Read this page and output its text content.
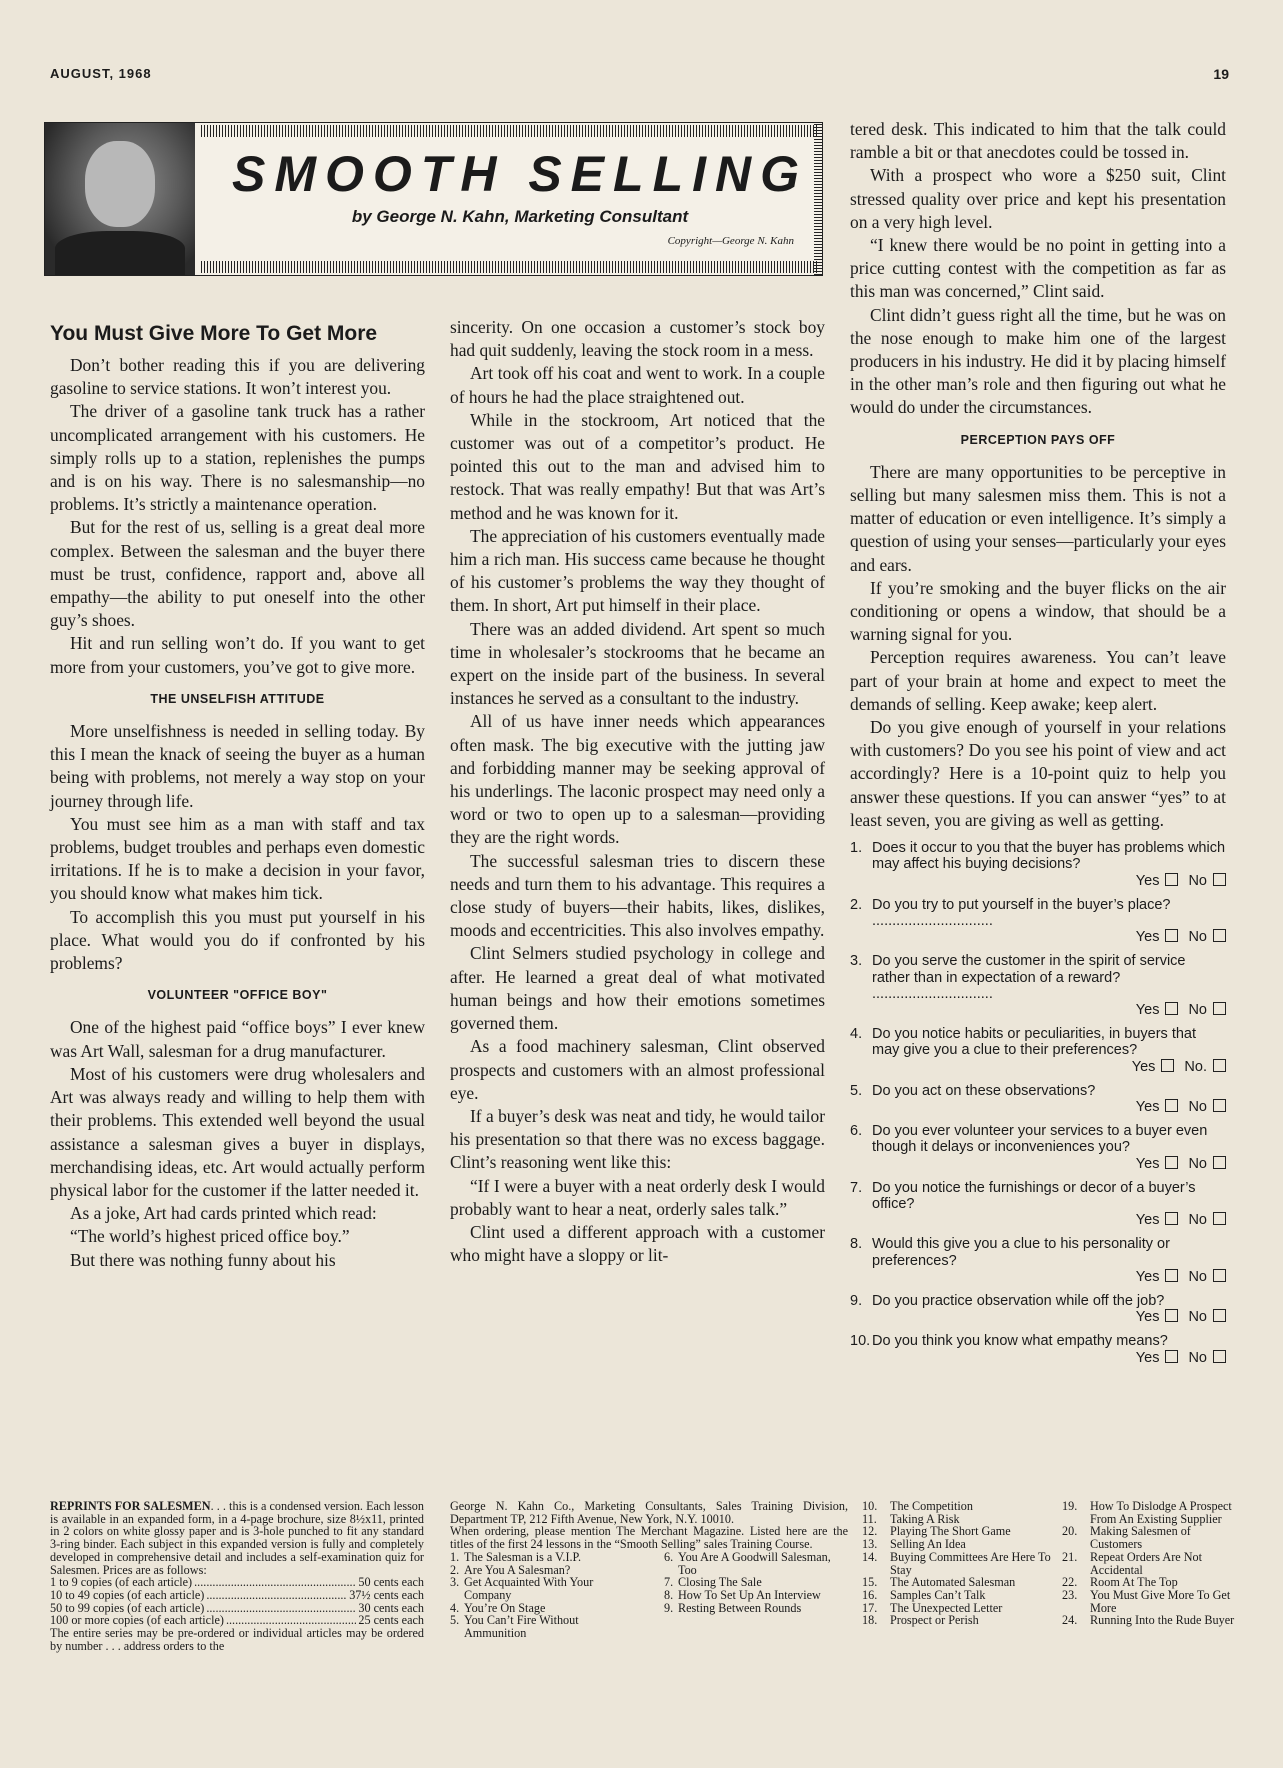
AUGUST, 1968	19
SMOOTH SELLING
by George N. Kahn, Marketing Consultant
Copyright—George N. Kahn
You Must Give More To Get More

Don’t bother reading this if you are delivering gasoline to service stations. It won’t interest you.

The driver of a gasoline tank truck has a rather uncomplicated arrangement with his customers. He simply rolls up to a station, replenishes the pumps and is on his way. There is no salesmanship—no problems. It’s strictly a maintenance operation.

But for the rest of us, selling is a great deal more complex. Between the salesman and the buyer there must be trust, confidence, rapport and, above all empathy—the ability to put oneself into the other guy’s shoes.

Hit and run selling won’t do. If you want to get more from your customers, you’ve got to give more.

THE UNSELFISH ATTITUDE

More unselfishness is needed in selling today. By this I mean the knack of seeing the buyer as a human being with problems, not merely a way stop on your journey through life.

You must see him as a man with staff and tax problems, budget troubles and perhaps even domestic irritations. If he is to make a decision in your favor, you should know what makes him tick.

To accomplish this you must put yourself in his place. What would you do if confronted by his problems?

VOLUNTEER "OFFICE BOY"

One of the highest paid “office boys” I ever knew was Art Wall, salesman for a drug manufacturer.

Most of his customers were drug wholesalers and Art was always ready and willing to help them with their problems. This extended well beyond the usual assistance a salesman gives a buyer in displays, merchandising ideas, etc. Art would actually perform physical labor for the customer if the latter needed it.

As a joke, Art had cards printed which read:

“The world’s highest priced office boy.”

But there was nothing funny about his

sincerity. On one occasion a customer’s stock boy had quit suddenly, leaving the stock room in a mess.

Art took off his coat and went to work. In a couple of hours he had the place straightened out.

While in the stockroom, Art noticed that the customer was out of a competitor’s product. He pointed this out to the man and advised him to restock. That was really empathy! But that was Art’s method and he was known for it.

The appreciation of his customers eventually made him a rich man. His success came because he thought of his customer’s problems the way they thought of them. In short, Art put himself in their place.

There was an added dividend. Art spent so much time in wholesaler’s stockrooms that he became an expert on the inside part of the business. In several instances he served as a consultant to the industry.

All of us have inner needs which appearances often mask. The big executive with the jutting jaw and forbidding manner may be seeking approval of his underlings. The laconic prospect may need only a word or two to open up to a salesman—providing they are the right words.

The successful salesman tries to discern these needs and turn them to his advantage. This requires a close study of buyers—their habits, likes, dislikes, moods and eccentricities. This also involves empathy.

Clint Selmers studied psychology in college and after. He learned a great deal of what motivated human beings and how their emotions sometimes governed them.

As a food machinery salesman, Clint observed prospects and customers with an almost professional eye.

If a buyer’s desk was neat and tidy, he would tailor his presentation so that there was no excess baggage. Clint’s reasoning went like this:

“If I were a buyer with a neat orderly desk I would probably want to hear a neat, orderly sales talk.”

Clint used a different approach with a customer who might have a sloppy or lit-

tered desk. This indicated to him that the talk could ramble a bit or that anecdotes could be tossed in.

With a prospect who wore a $250 suit, Clint stressed quality over price and kept his presentation on a very high level.

“I knew there would be no point in getting into a price cutting contest with the competition as far as this man was concerned,” Clint said.

Clint didn’t guess right all the time, but he was on the nose enough to make him one of the largest producers in his industry. He did it by placing himself in the other man’s role and then figuring out what he would do under the circumstances.

PERCEPTION PAYS OFF

There are many opportunities to be perceptive in selling but many salesmen miss them. This is not a matter of education or even intelligence. It’s simply a question of using your senses—particularly your eyes and ears.

If you’re smoking and the buyer flicks on the air conditioning or opens a window, that should be a warning signal for you.

Perception requires awareness. You can’t leave part of your brain at home and expect to meet the demands of selling. Keep awake; keep alert.

Do you give enough of yourself in your relations with customers? Do you see his point of view and act accordingly? Here is a 10-point quiz to help you answer these questions. If you can answer “yes” to at least seven, you are giving as well as getting.

1. Does it occur to you that the buyer has problems which may affect his buying decisions?
Yes No
2. Do you try to put yourself in the buyer’s place? ..............................
Yes No
3. Do you serve the customer in the spirit of service rather than in expectation of a reward? ..............................
Yes No
4. Do you notice habits or peculiarities, in buyers that may give you a clue to their preferences?
Yes No.
5. Do you act on these observations?
Yes No
6. Do you ever volunteer your services to a buyer even though it delays or inconveniences you?
Yes No
7. Do you notice the furnishings or decor of a buyer’s office?
Yes No
8. Would this give you a clue to his personality or preferences?
Yes No
9. Do you practice observation while off the job?
Yes No
10. Do you think you know what empathy means?
Yes No
REPRINTS FOR SALESMEN. . . this is a condensed version. Each lesson is available in an expanded form, in a 4-page brochure, size 8½x11, printed in 2 colors on white glossy paper and is 3-hole punched to fit any standard 3-ring binder. Each subject in this expanded version is fully and completely developed in comprehensive detail and includes a self-examination quiz for Salesmen. Prices are as follows:
1 to 9 copies (of each article) .....	50 cents each
10 to 49 copies (of each article) .....	37½ cents each
50 to 99 copies (of each article) .....	30 cents each
100 or more copies (of each article) .....	25 cents each
The entire series may be pre-ordered or individual articles may be ordered by number . . . address orders to the
George N. Kahn Co., Marketing Consultants, Sales Training Division, Department TP, 212 Fifth Avenue, New York, N.Y. 10010.
When ordering, please mention The Merchant Magazine. Listed here are the titles of the first 24 lessons in the “Smooth Selling” sales Training Course.
1. The Salesman is a V.I.P.
2. Are You A Salesman?
3. Get Acquainted With Your Company
4. You’re On Stage
5. You Can’t Fire Without Ammunition
6. You Are A Goodwill Salesman, Too
7. Closing The Sale
8. How To Set Up An Interview
9. Resting Between Rounds
10. The Competition
11. Taking A Risk
12. Playing The Short Game
13. Selling An Idea
14. Buying Committees Are Here To Stay
15. The Automated Salesman
16. Samples Can’t Talk
17. The Unexpected Letter
18. Prospect or Perish
19. How To Dislodge A Prospect From An Existing Supplier
20. Making Salesmen of Customers
21. Repeat Orders Are Not Accidental
22. Room At The Top
23. You Must Give More To Get More
24. Running Into the Rude Buyer
